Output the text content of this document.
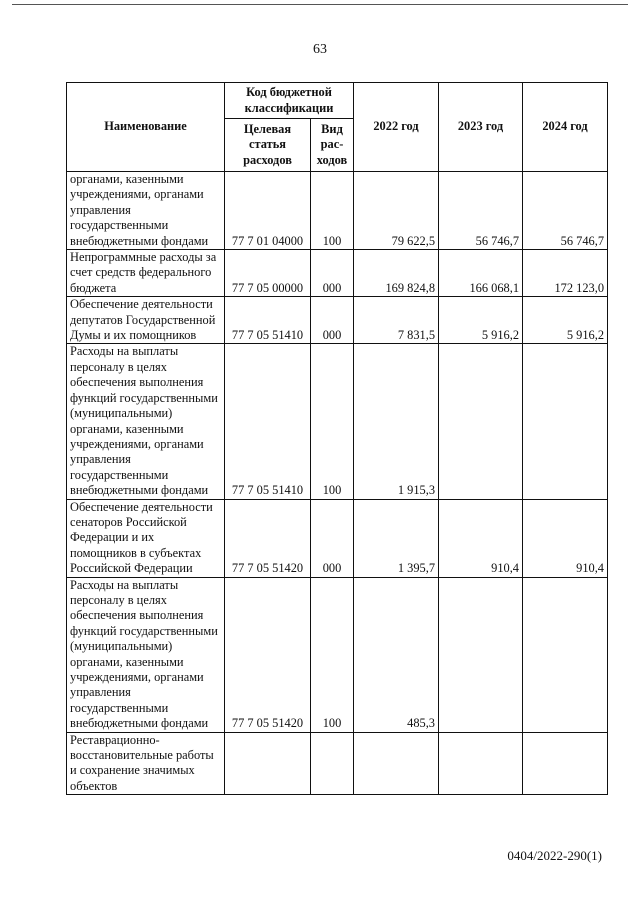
63
Наименование	Код бюджетной классификации		2022 год	2023 год	2024 год
	Целевая статья расходов	Вид рас-ходов			
органами, казенными учреждениями, органами управления государственными внебюджетными фондами	77 7 01 04000	100	79 622,5	56 746,7	56 746,7
Непрограммные расходы за счет средств федерального бюджета	77 7 05 00000	000	169 824,8	166 068,1	172 123,0
Обеспечение деятельности депутатов Государственной Думы и их помощников	77 7 05 51410	000	7 831,5	5 916,2	5 916,2
Расходы на выплаты персоналу в целях обеспечения выполнения функций государственными (муниципальными) органами, казенными учреждениями, органами управления государственными внебюджетными фондами	77 7 05 51410	100	1 915,3		
Обеспечение деятельности сенаторов Российской Федерации и их помощников в субъектах Российской Федерации	77 7 05 51420	000	1 395,7	910,4	910,4
Расходы на выплаты персоналу в целях обеспечения выполнения функций государственными (муниципальными) органами, казенными учреждениями, органами управления государственными внебюджетными фондами	77 7 05 51420	100	485,3		
Реставрационно-восстановительные работы и сохранение значимых объектов					
0404/2022-290(1)
